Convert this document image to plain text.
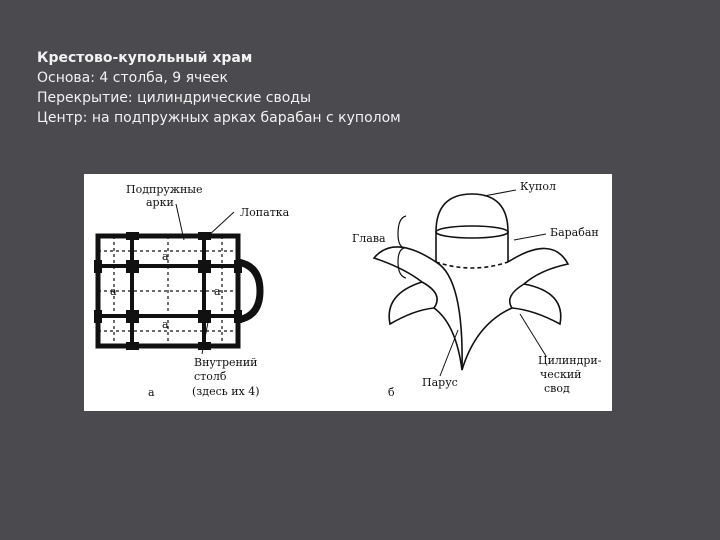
Крестово-купольный храм
Основа: 4 столба, 9 ячеек
Перекрытие: цилиндрические своды
Центр: на подпружных арках барабан с куполом
a
a	a
a
Подпружные
арки
Лопатка
Внутрений
столб
(здесь их 4)
а
Купол
Глава	Барабан
Цилиндри-
ческий
свод
Парус
б
